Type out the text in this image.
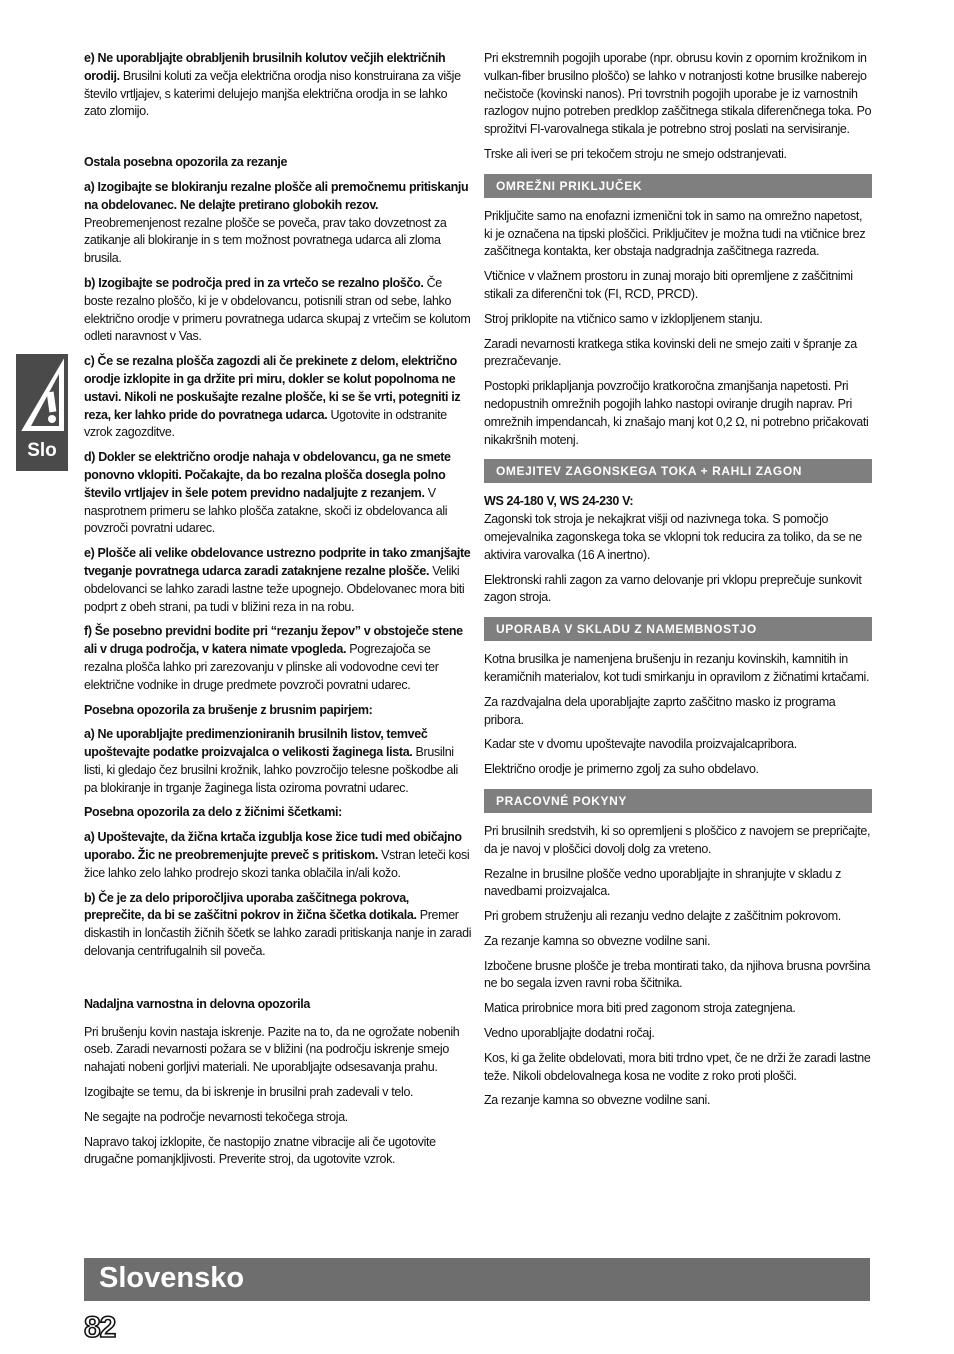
Slo

e) Ne uporabljajte obrabljenih brusilnih kolutov večjih električnih orodij. Brusilni koluti za večja električna orodja niso konstruirana za višje število vrtljajev, s katerimi delujejo manjša električna orodja in se lahko zato zlomijo.

Ostala posebna opozorila za rezanje

a) Izogibajte se blokiranju rezalne plošče ali premočnemu pritiskanju na obdelovanec. Ne delajte pretirano globokih rezov. Preobremenjenost rezalne plošče se poveča, prav tako dovzetnost za zatikanje ali blokiranje in s tem možnost povratnega udarca ali zloma brusila.

b) Izogibajte se področja pred in za vrtečo se rezalno ploščo. Če boste rezalno ploščo, ki je v obdelovancu, potisnili stran od sebe, lahko električno orodje v primeru povratnega udarca skupaj z vrtečim se kolutom odleti naravnost v Vas.

c) Če se rezalna plošča zagozdi ali če prekinete z delom, električno orodje izklopite in ga držite pri miru, dokler se kolut popolnoma ne ustavi. Nikoli ne poskušajte rezalne plošče, ki se še vrti, potegniti iz reza, ker lahko pride do povratnega udarca. Ugotovite in odstranite vzrok zagozditve.

d) Dokler se električno orodje nahaja v obdelovancu, ga ne smete ponovno vklopiti. Počakajte, da bo rezalna plošča dosegla polno število vrtljajev in šele potem previdno nadaljujte z rezanjem. V nasprotnem primeru se lahko plošča zatakne, skoči iz obdelovanca ali povzroči povratni udarec.

e) Plošče ali velike obdelovance ustrezno podprite in tako zmanjšajte tveganje povratnega udarca zaradi zataknjene rezalne plošče. Veliki obdelovanci se lahko zaradi lastne teže upognejo. Obdelovanec mora biti podprt z obeh strani, pa tudi v bližini reza in na robu.

f) Še posebno previdni bodite pri “rezanju žepov” v obstoječe stene ali v druga področja, v katera nimate vpogleda. Pogrezajoča se rezalna plošča lahko pri zarezovanju v plinske ali vodovodne cevi ter električne vodnike in druge predmete povzroči povratni udarec.

Posebna opozorila za brušenje z brusnim papirjem:

a) Ne uporabljajte predimenzioniranih brusilnih listov, temveč upoštevajte podatke proizvajalca o velikosti žaginega lista. Brusilni listi, ki gledajo čez brusilni krožnik, lahko povzročijo telesne poškodbe ali pa blokiranje in trganje žaginega lista oziroma povratni udarec.

Posebna opozorila za delo z žičnimi ščetkami:

a) Upoštevajte, da žična krtača izgublja kose žice tudi med običajno uporabo. Žic ne preobremenjujte preveč s pritiskom. Vstran leteči kosi žice lahko zelo lahko prodrejo skozi tanka oblačila in/ali kožo.

b) Če je za delo priporočljiva uporaba zaščitnega pokrova, preprečite, da bi se zaščitni pokrov in žična ščetka dotikala. Premer diskastih in lončastih žičnih ščetk se lahko zaradi pritiskanja nanje in zaradi delovanja centrifugalnih sil poveča.

Nadaljna varnostna in delovna opozorila

Pri brušenju kovin nastaja iskrenje. Pazite na to, da ne ogrožate nobenih oseb. Zaradi nevarnosti požara se v bližini (na področju iskrenje smejo nahajati nobeni gorljivi materiali. Ne uporabljajte odsesavanja prahu.

Izogibajte se temu, da bi iskrenje in brusilni prah zadevali v telo.

Ne segajte na področje nevarnosti tekočega stroja.

Napravo takoj izklopite, če nastopijo znatne vibracije ali če ugotovite drugačne pomanjkljivosti. Preverite stroj, da ugotovite vzrok.

Pri ekstremnih pogojih uporabe (npr. obrusu kovin z opornim krožnikom in vulkan-fiber brusilno ploščo) se lahko v notranjosti kotne brusilke naberejo nečistoče (kovinski nanos). Pri tovrstnih pogojih uporabe je iz varnostnih razlogov nujno potreben predklop zaščitnega stikala diferenčnega toka. Po sprožitvi FI-varovalnega stikala je potrebno stroj poslati na servisiranje.

Trske ali iveri se pri tekočem stroju ne smejo odstranjevati.

OMREŽNI PRIKLJUČEK

Priključite samo na enofazni izmenični tok in samo na omrežno napetost, ki je označena na tipski ploščici. Priključitev je možna tudi na vtičnice brez zaščitnega kontakta, ker obstaja nadgradnja zaščitnega razreda.

Vtičnice v vlažnem prostoru in zunaj morajo biti opremljene z zaščitnimi stikali za diferenčni tok (FI, RCD, PRCD).

Stroj priklopite na vtičnico samo v izklopljenem stanju.

Zaradi nevarnosti kratkega stika kovinski deli ne smejo zaiti v špranje za prezračevanje.

Postopki priklapljanja povzročijo kratkoročna zmanjšanja napetosti. Pri nedopustnih omrežnih pogojih lahko nastopi oviranje drugih naprav. Pri omrežnih impendancah, ki znašajo manj kot 0,2 Ω, ni potrebno pričakovati nikakršnih motenj.

OMEJITEV ZAGONSKEGA TOKA + RAHLI ZAGON

WS 24-180 V, WS 24-230 V:

Zagonski tok stroja je nekajkrat višji od nazivnega toka. S pomočjo omejevalnika zagonskega toka se vklopni tok reducira za toliko, da se ne aktivira varovalka (16 A inertno).

Elektronski rahli zagon za varno delovanje pri vklopu preprečuje sunkovit zagon stroja.

UPORABA V SKLADU Z NAMEMBNOSTJO

Kotna brusilka je namenjena brušenju in rezanju kovinskih, kamnitih in keramičnih materialov, kot tudi smirkanju in opravilom z žičnatimi krtačami.

Za razdvajalna dela uporabljajte zaprto zaščitno masko iz programa pribora.

Kadar ste v dvomu upoštevajte navodila proizvajalcapribora.

Električno orodje je primerno zgolj za suho obdelavo.

PRACOVNÉ POKYNY

Pri brusilnih sredstvih, ki so opremljeni s ploščico z navojem se prepričajte, da je navoj v ploščici dovolj dolg za vreteno.

Rezalne in brusilne plošče vedno uporabljajte in shranjujte v skladu z navedbami proizvajalca.

Pri grobem struženju ali rezanju vedno delajte z zaščitnim pokrovom.

Za rezanje kamna so obvezne vodilne sani.

Izbočene brusne plošče je treba montirati tako, da njihova brusna površina ne bo segala izven ravni roba ščitnika.

Matica prirobnice mora biti pred zagonom stroja zategnjena.

Vedno uporabljajte dodatni ročaj.

Kos, ki ga želite obdelovati, mora biti trdno vpet, če ne drži že zaradi lastne teže. Nikoli obdelovalnega kosa ne vodite z roko proti plošči.

Za rezanje kamna so obvezne vodilne sani.

Slovensko
82
